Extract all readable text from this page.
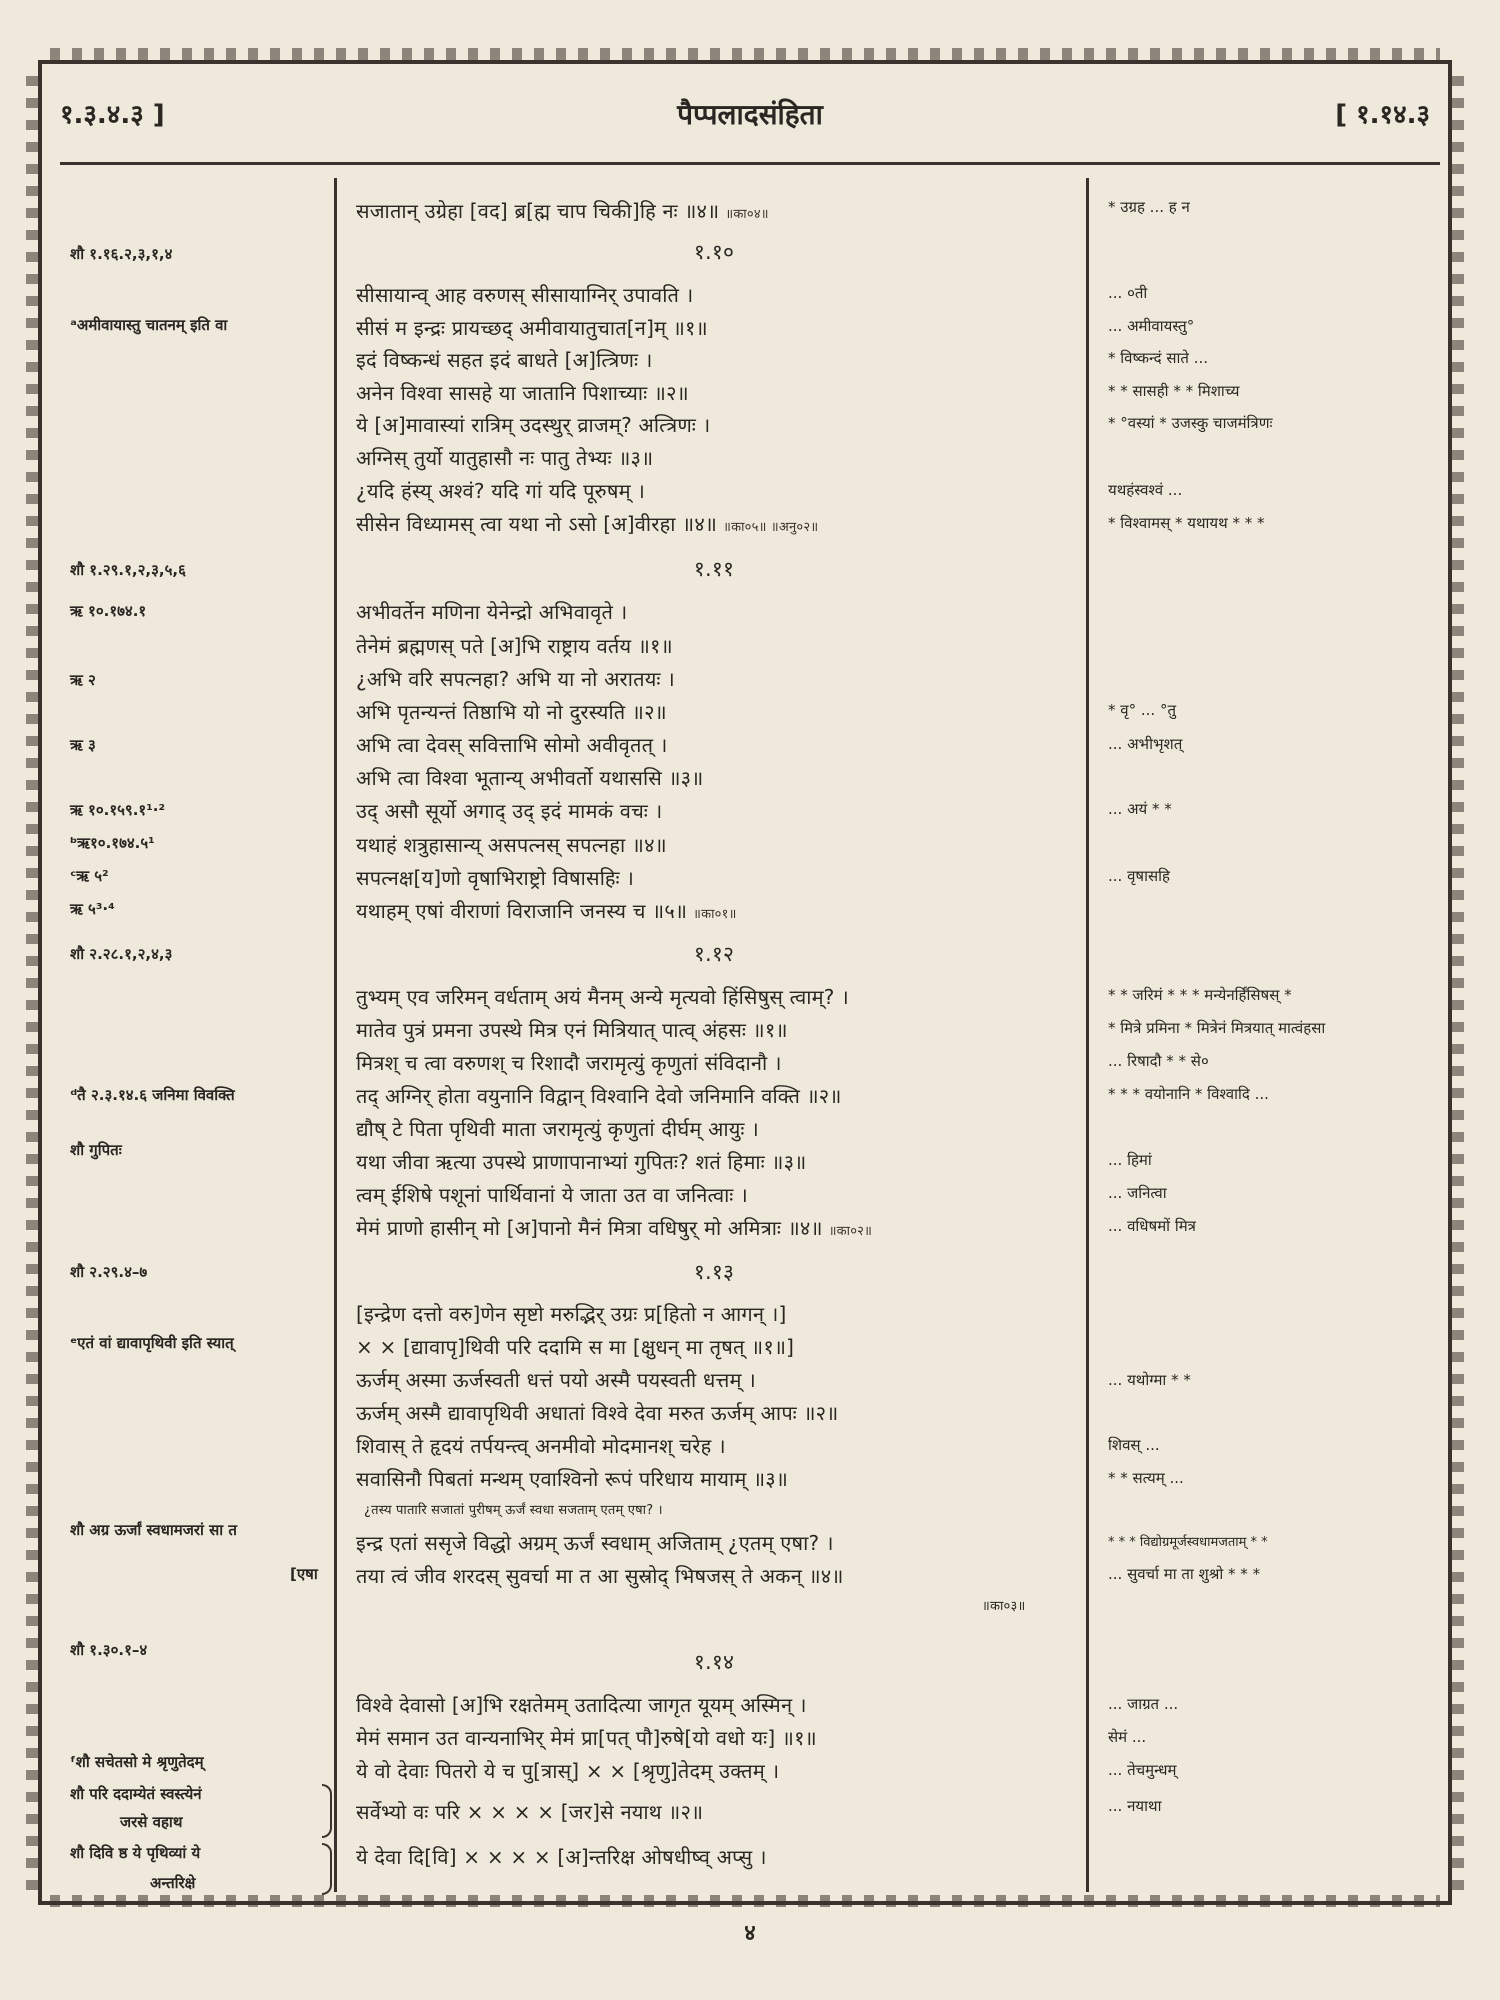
१.३.४.३ ]	पैप्पलादसंहिता	[ १.१४.३
सजातान् उग्रेहा [वद] ब्र[ह्म चाप चिकी]हि नः ॥४॥ ॥का०४॥
१.१०
सीसायान्व् आह वरुणस् सीसायाग्निर् उपावति ।
सीसं म इन्द्रः प्रायच्छद् अमीवायातुचात[न]म् ॥१॥
इदं विष्कन्धं सहत इदं बाधते [अ]त्त्रिणः ।
अनेन विश्वा सासहे या जातानि पिशाच्याः ॥२॥
ये [अ]मावास्यां रात्रिम् उदस्थुर् व्राजम्? अत्त्रिणः ।
अग्निस् तुर्यो यातुहासौ नः पातु तेभ्यः ॥३॥
¿यदि हंस्य् अश्वं? यदि गां यदि पूरुषम् ।
सीसेन विध्यामस् त्वा यथा नो ऽसो [अ]वीरहा ॥४॥ ॥का०५॥ ॥अनु०२॥
१.११
अभीवर्तेन मणिना येनेन्द्रो अभिवावृते ।
तेनेमं ब्रह्मणस् पते [अ]भि राष्ट्राय वर्तय ॥१॥
¿अभि वरि सपत्नहा? अभि या नो अरातयः ।
अभि पृतन्यन्तं तिष्ठाभि यो नो दुरस्यति ॥२॥
अभि त्वा देवस् सवित्ताभि सोमो अवीवृतत् ।
अभि त्वा विश्वा भूतान्य् अभीवर्तो यथाससि ॥३॥
उद् असौ सूर्यो अगाद् उद् इदं मामकं वचः ।
यथाहं शत्रुहासान्य् असपत्नस् सपत्नहा ॥४॥
सपत्नक्ष[य]णो वृषाभिराष्ट्रो विषासहिः ।
यथाहम् एषां वीराणां विराजानि जनस्य च ॥५॥ ॥का०१॥
१.१२
तुभ्यम् एव जरिमन् वर्धताम् अयं मैनम् अन्ये मृत्यवो हिंसिषुस् त्वाम्? ।
मातेव पुत्रं प्रमना उपस्थे मित्र एनं मित्रियात् पात्व् अंहसः ॥१॥
मित्रश् च त्वा वरुणश् च रिशादौ जरामृत्युं कृणुतां संविदानौ ।
तद् अग्निर् होता वयुनानि विद्वान् विश्वानि देवो जनिमानि वक्ति ॥२॥
द्यौष् टे पिता पृथिवी माता जरामृत्युं कृणुतां दीर्घम् आयुः ।
यथा जीवा ऋत्या उपस्थे प्राणापानाभ्यां गुपितः? शतं हिमाः ॥३॥
त्वम् ईशिषे पशूनां पार्थिवानां ये जाता उत वा जनित्वाः ।
मेमं प्राणो हासीन् मो [अ]पानो मैनं मित्रा वधिषुर् मो अमित्राः ॥४॥ ॥का०२॥
१.१३
[इन्द्रेण दत्तो वरु]णेन सृष्टो मरुद्भिर् उग्रः प्र[हितो न आगन् ।]
× × [द्यावापृ]थिवी परि ददामि स मा [क्षुधन् मा तृषत् ॥१॥]
ऊर्जम् अस्मा ऊर्जस्वती धत्तं पयो अस्मै पयस्वती धत्तम् ।
ऊर्जम् अस्मै द्यावापृथिवी अधातां विश्वे देवा मरुत ऊर्जम् आपः ॥२॥
शिवास् ते हृदयं तर्पयन्त्व् अनमीवो मोदमानश् चरेह ।
सवासिनौ पिबतां मन्थम् एवाश्विनो रूपं परिधाय मायाम् ॥३॥
¿तस्य पातारि सजातां पुरीषम् ऊर्जं स्वधा सजताम् एतम् एषा? ।
इन्द्र एतां ससृजे विद्धो अग्रम् ऊर्जं स्वधाम् अजिताम् ¿एतम् एषा? ।
तया त्वं जीव शरदस् सुवर्चा मा त आ सुस्रोद् भिषजस् ते अकन् ॥४॥
॥का०३॥
१.१४
विश्वे देवासो [अ]भि रक्षतेमम् उतादित्या जागृत यूयम् अस्मिन् ।
मेमं समान उत वान्यनाभिर् मेमं प्रा[पत् पौ]रुषे[यो वधो यः] ॥१॥
ये वो देवाः पितरो ये च पु[त्रास्] × × [श्रृणु]तेदम् उक्तम् ।
सर्वेभ्यो वः परि × × × × [जर]से नयाथ ॥२॥
ये देवा दि[वि] × × × × [अ]न्तरिक्ष ओषधीष्व् अप्सु ।
शौ १.१६.२,३,१,४
ᵃअमीवायास्तु चातनम् इति वा
शौ १.२९.१,२,३,५,६
ऋ १०.१७४.१
ऋ २
ऋ ३
ऋ १०.१५९.१¹·²
ᵇऋ१०.१७४.५¹
ᶜऋ ५²
ऋ ५³·⁴
शौ २.२८.१,२,४,३
ᵈतै २.३.१४.६ जनिमा विवक्ति
शौ गुपितः
शौ २.२९.४–७
ᵉएतं वां द्यावापृथिवी इति स्यात्
शौ अग्र ऊर्जां स्वधामजरां सा त
[एषा
शौ १.३०.१–४
ᶠशौ सचेतसो मे श्रृणुतेदम्
शौ परि ददाम्येतं स्वस्त्येनं
जरसे वहाथ
शौ दिवि ष्ठ ये पृथिव्यां ये
अन्तरिक्षे
* उग्रह ... ह न
... ०ती
... अमीवायस्तु°
* विष्कन्दं साते ...
* * सासही * * मिशाच्य
* °वस्यां * उजस्कु चाजमंत्रिणः
यथहंस्वश्वं ...
* विश्वामस् * यथायथ * * *
* वृ° ... °तु
... अभीभृशत्
... अयं * *
... वृषासहि
* * जरिमं * * * मन्येनर्हिंसिषस् *
* मित्रे प्रमिना * मित्रेनं मित्रयात् मात्वंहसा
... रिषादौ * * से०
* * * वयोनानि * विश्वादि ...
... हिमां
... जनित्वा
... वधिषमों मित्र
... यथोग्मा * *
शिवस् ...
* * सत्यम् ...
* * * विद्योग्रमूर्जस्वधामजताम् * *
... सुवर्चा मा ता शुश्रो * * *
... जाग्रत ...
सेमं ...
... तेचमुन्धम्
... नयाथा
४
